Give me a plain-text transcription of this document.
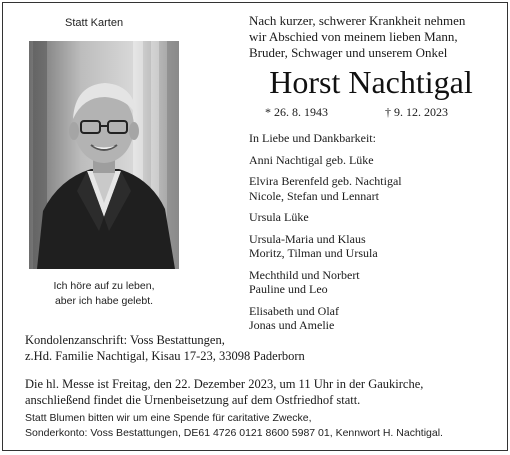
Statt Karten
Ich höre auf zu leben,
aber ich habe gelebt.
Nach kurzer, schwerer Krankheit nehmen
wir Abschied von meinem lieben Mann,
Bruder, Schwager und unserem Onkel
Horst Nachtigal
* 26. 8. 1943	† 9. 12. 2023
In Liebe und Dankbarkeit:
Anni Nachtigal geb. Lüke
Elvira Berenfeld geb. Nachtigal
Nicole, Stefan und Lennart
Ursula Lüke
Ursula-Maria und Klaus
Moritz, Tilman und Ursula
Mechthild und Norbert
Pauline und Leo
Elisabeth und Olaf
Jonas und Amelie
Kondolenzanschrift: Voss Bestattungen,
z.Hd. Familie Nachtigal, Kisau 17-23, 33098 Paderborn
Die hl. Messe ist Freitag, den 22. Dezember 2023, um 11 Uhr in der Gaukirche,
anschließend findet die Urnenbeisetzung auf dem Ostfriedhof statt.
Statt Blumen bitten wir um eine Spende für caritative Zwecke,
Sonderkonto: Voss Bestattungen, DE61 4726 0121 8600 5987 01, Kennwort H. Nachtigal.
